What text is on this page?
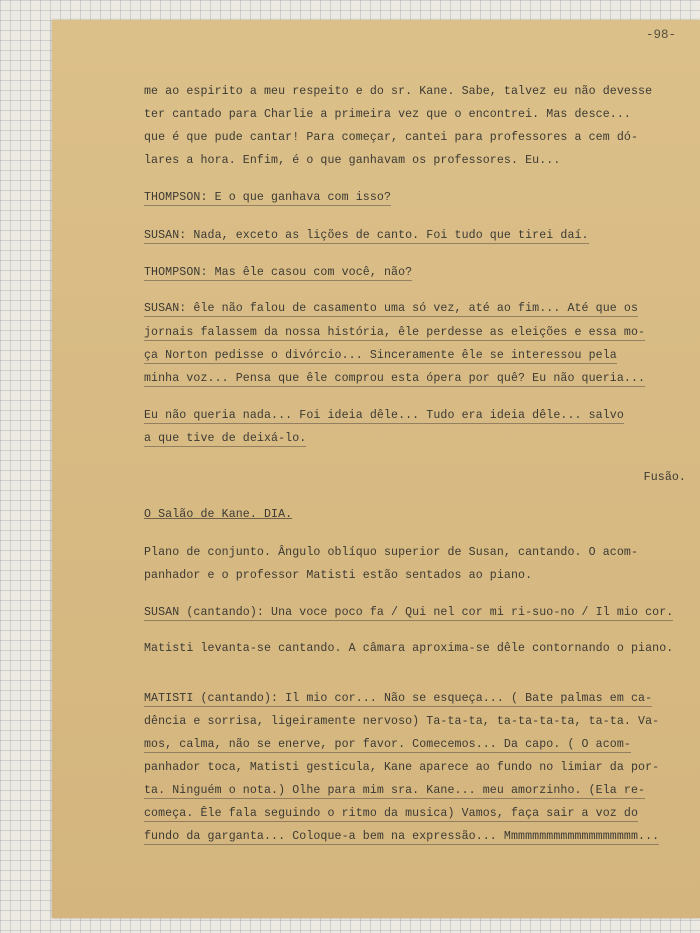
-98-
me ao espirito a meu respeito e do sr. Kane. Sabe, talvez eu não devesse
ter cantado para Charlie a primeira vez que o encontrei. Mas desce...
que é que pude cantar! Para começar, cantei para professores a cem dó-
lares a hora. Enfim, é o que ganhavam os professores. Eu...
THOMPSON: E o que ganhava com isso?
SUSAN: Nada, exceto as lições de canto. Foi tudo que tirei daí.
THOMPSON: Mas êle casou com você, não?
SUSAN: êle não falou de casamento uma só vez, até ao fim... Até que os
jornais falassem da nossa história, êle perdesse as eleições e essa mo-
ça Norton pedisse o divórcio... Sinceramente êle se interessou pela
minha voz... Pensa que êle comprou esta ópera por quê? Eu não queria...
Eu não queria nada... Foi ideia dêle... Tudo era ideia dêle... salvo
a que tive de deixá-lo.
Fusão.
O Salão de Kane. DIA.
Plano de conjunto. Ângulo oblíquo superior de Susan, cantando. O acom-
panhador e o professor Matisti estão sentados ao piano.
SUSAN (cantando): Una voce poco fa / Qui nel cor mi ri-suo-no / Il mio cor.
Matisti levanta-se cantando. A câmara aproxima-se dêle contornando o piano.
MATISTI (cantando): Il mio cor... Não se esqueça... ( Bate palmas em ca-
dência e sorrisa, ligeiramente nervoso) Ta-ta-ta, ta-ta-ta-ta, ta-ta. Va-
mos, calma, não se enerve, por favor. Comecemos... Da capo. ( O acom-
panhador toca, Matisti gesticula, Kane aparece ao fundo no limiar da por-
ta. Ninguém o nota.) Olhe para mim sra. Kane... meu amorzinho. (Ela re-
começa. Êle fala seguindo o ritmo da musica) Vamos, faça sair a voz do
fundo da garganta... Coloque-a bem na expressão... Mmmmmmmmmmmmmmmmmmm...
